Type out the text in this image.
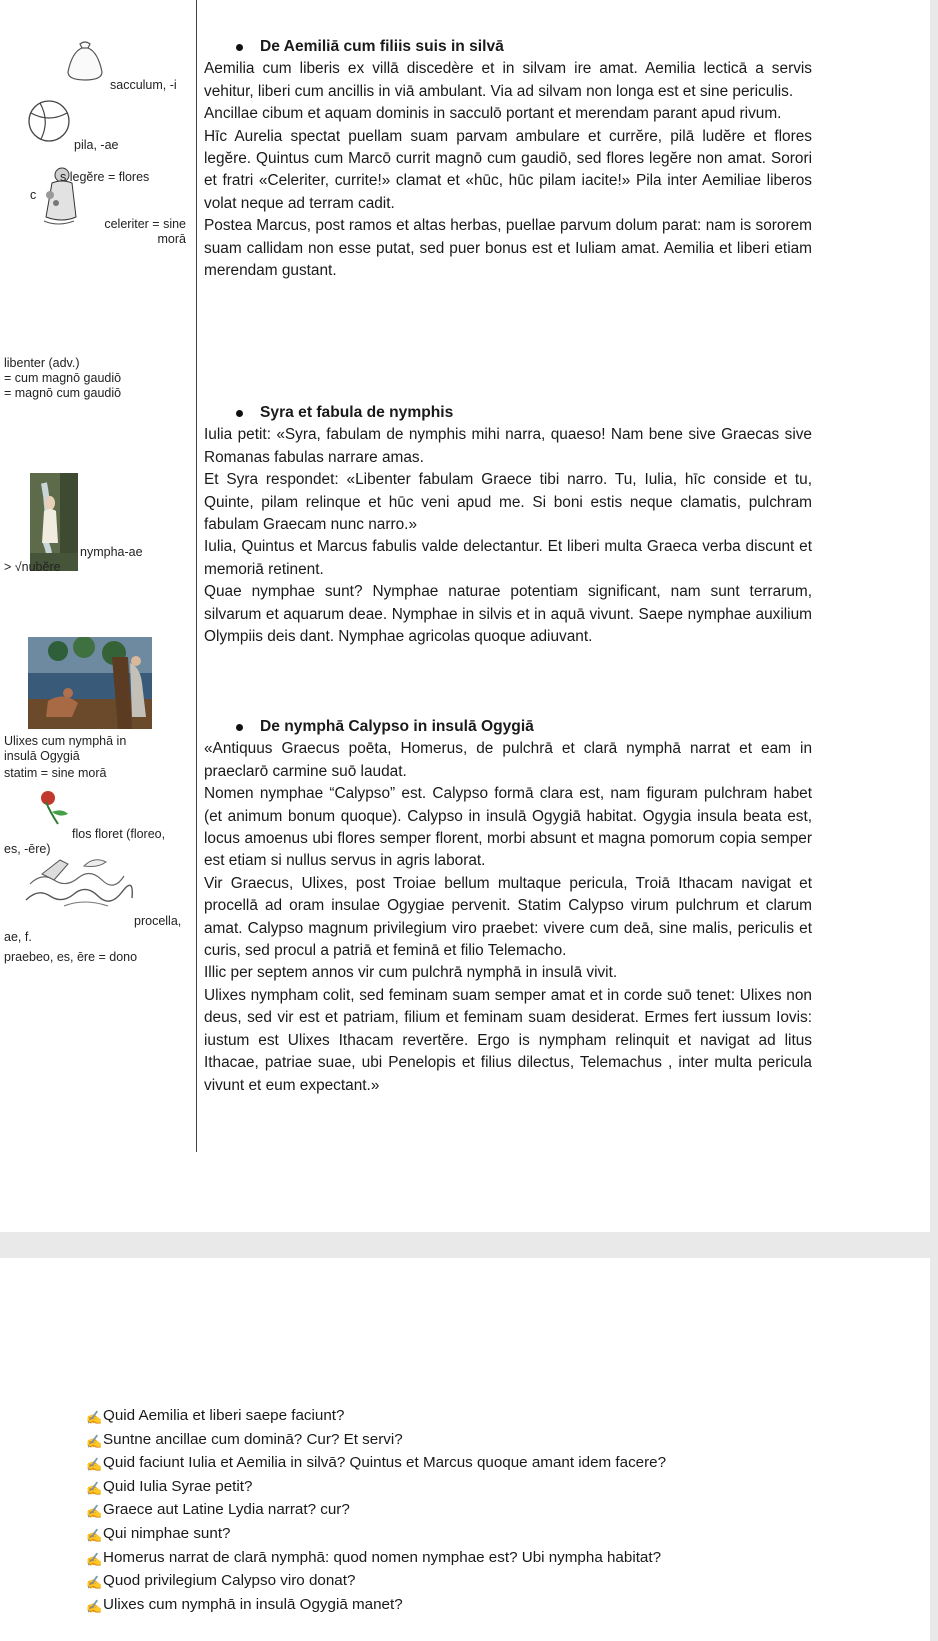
sacculum, -i
pila, -ae
s legĕre = flores
c
celeriter = sine
morā
libenter (adv.)
= cum magnō gaudiō
= magnō cum gaudiō
nympha-ae
> √nubĕre
Ulixes cum nymphā in
insulā Ogygiā
statim = sine morā
flos floret (floreo,
es, -ēre)
procella,
ae, f.
praebeo, es, ēre = dono
De Aemiliā cum filiis suis in silvā

Aemilia cum liberis ex villā discedère et in silvam ire amat. Aemilia lecticā a servis vehitur, liberi cum ancillis in viā ambulant. Via ad silvam non longa est et sine periculis.

Ancillae cibum et aquam dominis in sacculō portant et merendam parant apud rivum.

Hīc Aurelia spectat puellam suam parvam ambulare et currĕre, pilā ludĕre et flores legĕre. Quintus cum Marcō currit magnō cum gaudiō, sed flores legĕre non amat. Sorori et fratri «Celeriter, currite!» clamat et «hūc, hūc pilam iacite!» Pila inter Aemiliae liberos volat neque ad terram cadit.

Postea Marcus, post ramos et altas herbas, puellae parvum dolum parat: nam is sororem suam callidam non esse putat, sed puer bonus est et Iuliam amat. Aemilia et liberi etiam merendam gustant.

Syra et fabula de nymphis

Iulia petit: «Syra, fabulam de nymphis mihi narra, quaeso! Nam bene sive Graecas sive Romanas fabulas narrare amas.

Et Syra respondet: «Libenter fabulam Graece tibi narro. Tu, Iulia, hīc conside et tu, Quinte, pilam relinque et hūc veni apud me. Si boni estis neque clamatis, pulchram fabulam Graecam nunc narro.»

Iulia, Quintus et Marcus fabulis valde delectantur. Et liberi multa Graeca verba discunt et memoriā retinent.

Quae nymphae sunt? Nymphae naturae potentiam significant, nam sunt terrarum, silvarum et aquarum deae. Nymphae in silvis et in aquā vivunt. Saepe nymphae auxilium Olympiis deis dant. Nymphae agricolas quoque adiuvant.

De nymphā Calypso in insulā Ogygiā

«Antiquus Graecus poēta, Homerus, de pulchrā et clarā nymphā narrat et eam in praeclarō carmine suō laudat.

Nomen nymphae “Calypso” est. Calypso formā clara est, nam figuram pulchram habet (et animum bonum quoque). Calypso in insulā Ogygiā habitat. Ogygia insula beata est, locus amoenus ubi flores semper florent, morbi absunt et magna pomorum copia semper est etiam si nullus servus in agris laborat.

Vir Graecus, Ulixes, post Troiae bellum multaque pericula, Troiā Ithacam navigat et procellā ad oram insulae Ogygiae pervenit. Statim Calypso virum pulchrum et clarum amat. Calypso magnum privilegium viro praebet: vivere cum deā, sine malis, periculis et curis, sed procul a patriā et feminā et filio Telemacho.

Illic per septem annos vir cum pulchrā nymphā in insulā vivit.

Ulixes nympham colit, sed feminam suam semper amat et in corde suō tenet: Ulixes non deus, sed vir est et patriam, filium et feminam suam desiderat. Ermes fert iussum Iovis: iustum est Ulixes Ithacam revertĕre. Ergo is nympham relinquit et navigat ad litus Ithacae, patriae suae, ubi Penelopis et filius dilectus, Telemachus , inter multa pericula vivunt et eum expectant.»

✍ Quid Aemilia et liberi saepe faciunt?
✍ Suntne ancillae cum dominā? Cur? Et servi?
✍ Quid faciunt Iulia et Aemilia in silvā? Quintus et Marcus quoque amant idem facere?
✍ Quid Iulia Syrae petit?
✍ Graece aut Latine Lydia narrat? cur?
✍ Qui nimphae sunt?
✍ Homerus narrat de clarā nymphā: quod nomen nymphae est? Ubi nympha habitat?
✍ Quod privilegium Calypso viro donat?
✍ Ulixes cum nymphā in insulā Ogygiā manet?
